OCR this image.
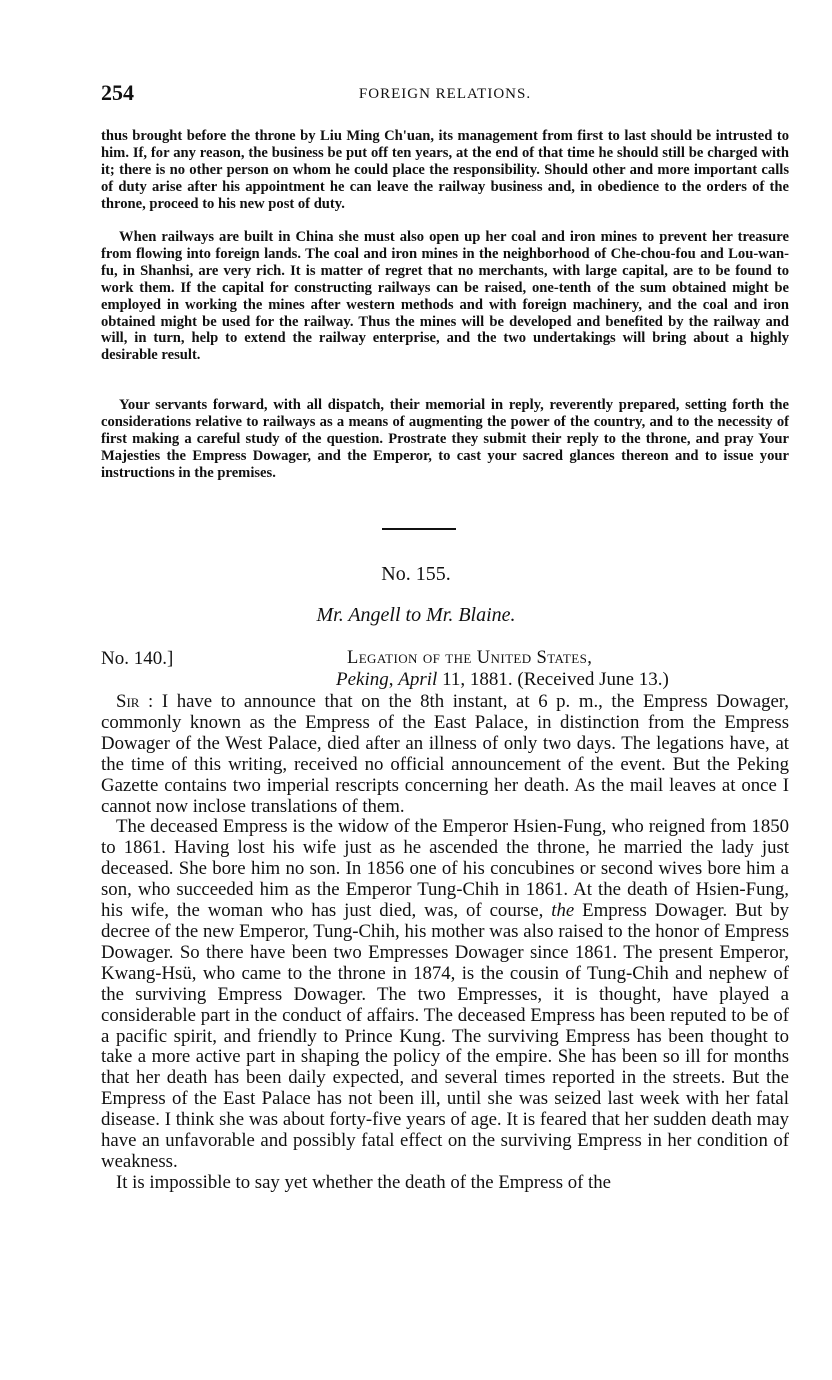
254	FOREIGN RELATIONS.

thus brought before the throne by Liu Ming Ch'uan, its management from first to last should be intrusted to him. If, for any reason, the business be put off ten years, at the end of that time he should still be charged with it; there is no other person on whom he could place the responsibility. Should other and more important calls of duty arise after his appointment he can leave the railway business and, in obedience to the orders of the throne, proceed to his new post of duty.

When railways are built in China she must also open up her coal and iron mines to prevent her treasure from flowing into foreign lands. The coal and iron mines in the neighborhood of Che-chou-fou and Lou-wan-fu, in Shanhsi, are very rich. It is matter of regret that no merchants, with large capital, are to be found to work them. If the capital for constructing railways can be raised, one-tenth of the sum obtained might be employed in working the mines after western methods and with foreign machinery, and the coal and iron obtained might be used for the railway. Thus the mines will be developed and benefited by the railway and will, in turn, help to extend the railway enterprise, and the two undertakings will bring about a highly desirable result.

Your servants forward, with all dispatch, their memorial in reply, reverently prepared, setting forth the considerations relative to railways as a means of augmenting the power of the country, and to the necessity of first making a careful study of the question. Prostrate they submit their reply to the throne, and pray Your Majesties the Empress Dowager, and the Emperor, to cast your sacred glances thereon and to issue your instructions in the premises.

No. 155.
Mr. Angell to Mr. Blaine.
No. 140.]	Legation of the United States,
Peking, April 11, 1881. (Received June 13.)

Sir : I have to announce that on the 8th instant, at 6 p. m., the Empress Dowager, commonly known as the Empress of the East Palace, in distinction from the Empress Dowager of the West Palace, died after an illness of only two days. The legations have, at the time of this writing, received no official announcement of the event. But the Peking Gazette contains two imperial rescripts concerning her death. As the mail leaves at once I cannot now inclose translations of them.

The deceased Empress is the widow of the Emperor Hsien-Fung, who reigned from 1850 to 1861. Having lost his wife just as he ascended the throne, he married the lady just deceased. She bore him no son. In 1856 one of his concubines or second wives bore him a son, who succeeded him as the Emperor Tung-Chih in 1861. At the death of Hsien-Fung, his wife, the woman who has just died, was, of course, the Empress Dowager. But by decree of the new Emperor, Tung-Chih, his mother was also raised to the honor of Empress Dowager. So there have been two Empresses Dowager since 1861. The present Emperor, Kwang-Hsü, who came to the throne in 1874, is the cousin of Tung-Chih and nephew of the surviving Empress Dowager. The two Empresses, it is thought, have played a considerable part in the conduct of affairs. The deceased Empress has been reputed to be of a pacific spirit, and friendly to Prince Kung. The surviving Empress has been thought to take a more active part in shaping the policy of the empire. She has been so ill for months that her death has been daily expected, and several times reported in the streets. But the Empress of the East Palace has not been ill, until she was seized last week with her fatal disease. I think she was about forty-five years of age. It is feared that her sudden death may have an unfavorable and possibly fatal effect on the surviving Empress in her condition of weakness.

It is impossible to say yet whether the death of the Empress of the
